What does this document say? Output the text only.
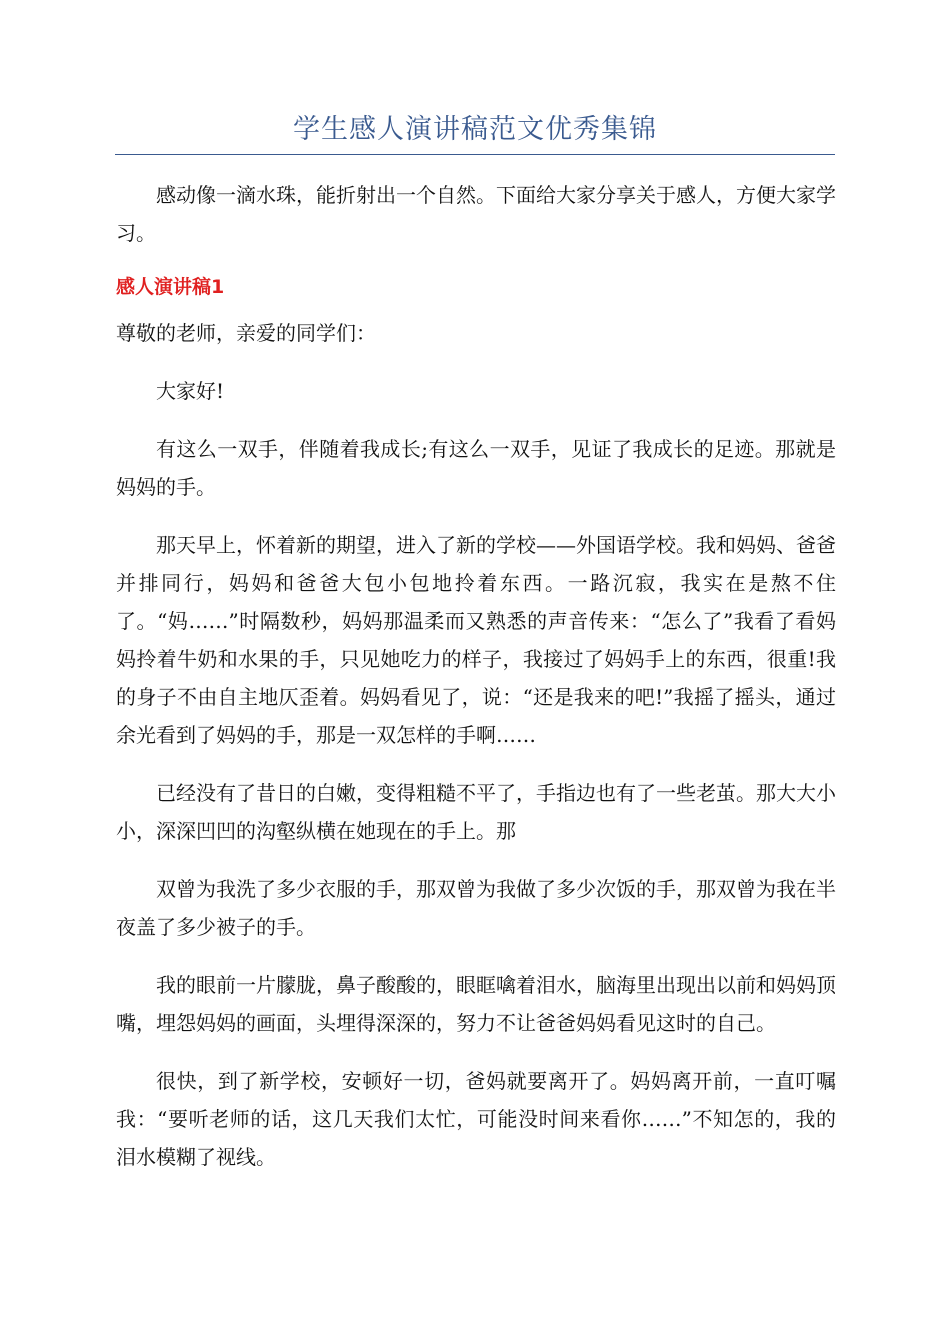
学生感人演讲稿范文优秀集锦

感动像一滴水珠，能折射出一个自然。下面给大家分享关于感人，方便大家学习。

感人演讲稿1

尊敬的老师，亲爱的同学们：

大家好!

有这么一双手，伴随着我成长;有这么一双手，见证了我成长的足迹。那就是妈妈的手。

那天早上，怀着新的期望，进入了新的学校——外国语学校。我和妈妈、爸爸并排同行，妈妈和爸爸大包小包地拎着东西。一路沉寂，我实在是熬不住了。“妈……”时隔数秒，妈妈那温柔而又熟悉的声音传来：“怎么了”我看了看妈妈拎着牛奶和水果的手，只见她吃力的样子，我接过了妈妈手上的东西，很重!我的身子不由自主地仄歪着。妈妈看见了，说：“还是我来的吧!”我摇了摇头，通过余光看到了妈妈的手，那是一双怎样的手啊……

已经没有了昔日的白嫩，变得粗糙不平了，手指边也有了一些老茧。那大大小小，深深凹凹的沟壑纵横在她现在的手上。那

双曾为我洗了多少衣服的手，那双曾为我做了多少次饭的手，那双曾为我在半夜盖了多少被子的手。

我的眼前一片朦胧，鼻子酸酸的，眼眶噙着泪水，脑海里出现出以前和妈妈顶嘴，埋怨妈妈的画面，头埋得深深的，努力不让爸爸妈妈看见这时的自己。

很快，到了新学校，安顿好一切，爸妈就要离开了。妈妈离开前，一直叮嘱我：“要听老师的话，这几天我们太忙，可能没时间来看你……”不知怎的，我的泪水模糊了视线。
